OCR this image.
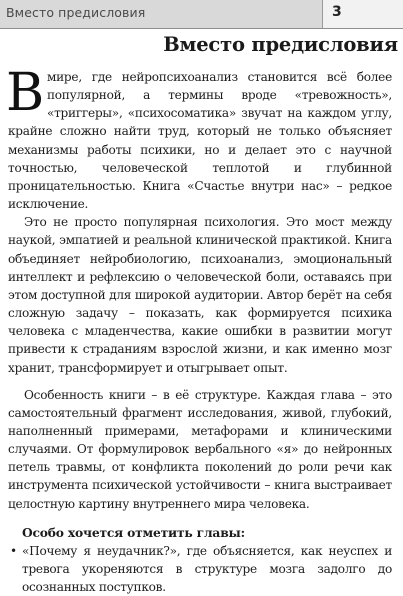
Вместо предисловия	3
Вместо предисловия

В мире, где нейропсихоанализ становится всё более популярной, а термины вроде «тревожность», «триггеры», «психосоматика» звучат на каждом углу, крайне сложно найти труд, который не только объясняет механизмы работы психики, но и делает это с научной точностью, человеческой теплотой и глубинной проницательностью. Книга «Счастье внутри нас» – редкое исключение.

Это не просто популярная психология. Это мост между наукой, эмпатией и реальной клинической практикой. Книга объединяет нейробиологию, психоанализ, эмоциональный интеллект и рефлексию о человеческой боли, оставаясь при этом доступной для широкой аудитории. Автор берёт на себя сложную задачу – показать, как формируется психика человека с младенчества, какие ошибки в развитии могут привести к страданиям взрослой жизни, и как именно мозг хранит, трансформирует и отыгрывает опыт.

Особенность книги – в её структуре. Каждая глава – это самостоятельный фрагмент исследования, живой, глубокий, наполненный примерами, метафорами и клиническими случаями. От формулировок вербального «я» до нейронных петель травмы, от конфликта поколений до роли речи как инструмента психической устойчивости – книга выстраивает целостную картину внутреннего мира человека.

Особо хочется отметить главы:
• «Почему я неудачник?», где объясняется, как неуспех и тревога укореняются в структуре мозга задолго до осознанных поступков.
